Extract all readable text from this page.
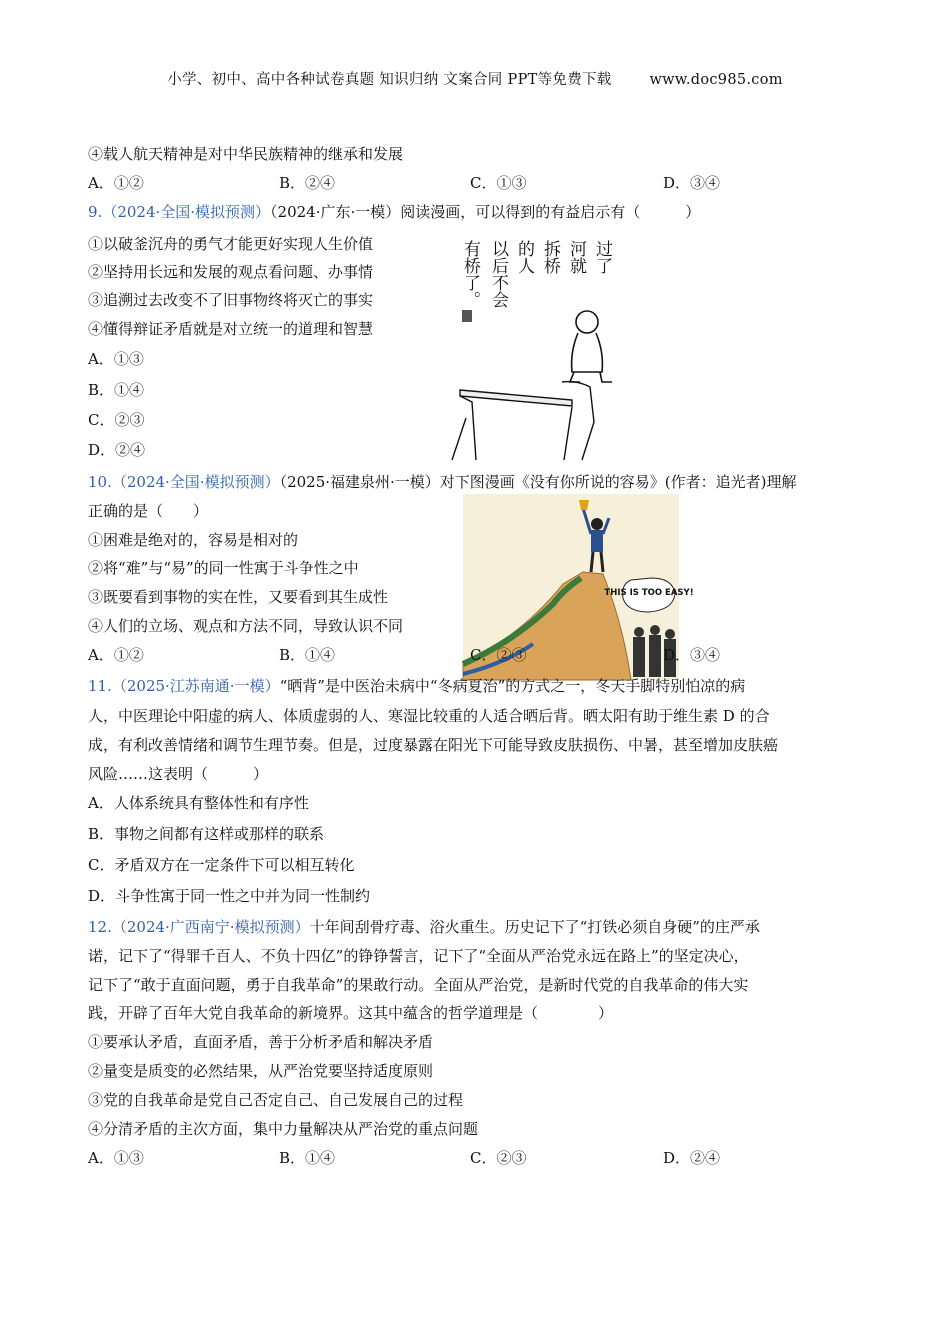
小学、初中、高中各种试卷真题 知识归纳 文案合同 PPT等免费下载	www.doc985.com
④载人航天精神是对中华民族精神的继承和发展
A．①②	B．②④	C．①③	D．③④
9.（2024·全国·模拟预测）（2024·广东·一模）阅读漫画，可以得到的有益启示有（　　　）
①以破釜沉舟的勇气才能更好实现人生价值
②坚持用长远和发展的观点看问题、办事情
③追溯过去改变不了旧事物终将灭亡的事实
④懂得辩证矛盾就是对立统一的道理和智慧
A．①③
B．①④
C．②③
D．②④
过了
河就
拆桥
的人
以后不会
有桥了。
10.（2024·全国·模拟预测）（2025·福建泉州·一模）对下图漫画《没有你所说的容易》(作者：追光者)理解
正确的是（　　）
①困难是绝对的，容易是相对的
②将“难”与“易”的同一性寓于斗争性之中
③既要看到事物的实在性，又要看到其生成性
④人们的立场、观点和方法不同，导致认识不同
A．①②	B．①④
THIS IS TOO EASY!
C．②③	D．③④
11.（2025·江苏南通·一模）“晒背”是中医治未病中“冬病夏治”的方式之一，冬天手脚特别怕凉的病
人，中医理论中阳虚的病人、体质虚弱的人、寒湿比较重的人适合晒后背。晒太阳有助于维生素 D 的合
成，有利改善情绪和调节生理节奏。但是，过度暴露在阳光下可能导致皮肤损伤、中暑，甚至增加皮肤癌
风险……这表明（　　　）
A．人体系统具有整体性和有序性
B．事物之间都有这样或那样的联系
C．矛盾双方在一定条件下可以相互转化
D．斗争性寓于同一性之中并为同一性制约
12.（2024·广西南宁·模拟预测）十年间刮骨疗毒、浴火重生。历史记下了“打铁必须自身硬”的庄严承
诺，记下了“得罪千百人、不负十四亿”的铮铮誓言，记下了“全面从严治党永远在路上”的坚定决心，
记下了“敢于直面问题，勇于自我革命”的果敢行动。全面从严治党，是新时代党的自我革命的伟大实
践，开辟了百年大党自我革命的新境界。这其中蕴含的哲学道理是（　　　　）
①要承认矛盾，直面矛盾，善于分析矛盾和解决矛盾
②量变是质变的必然结果，从严治党要坚持适度原则
③党的自我革命是党自己否定自己、自己发展自己的过程
④分清矛盾的主次方面，集中力量解决从严治党的重点问题
A．①③	B．①④	C．②③	D．②④
